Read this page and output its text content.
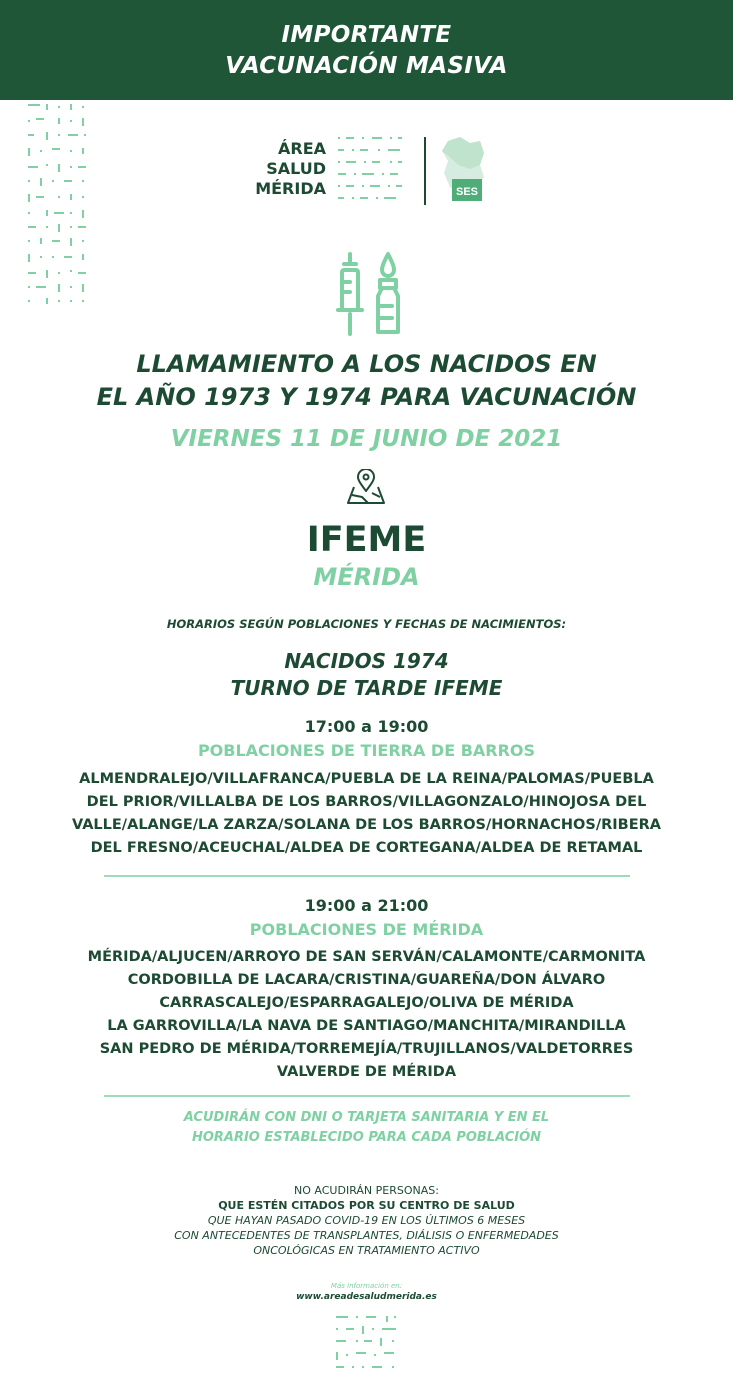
IMPORTANTE
VACUNACIÓN MASIVA
ÁREA
SALUD
MÉRIDA	SES
LLAMAMIENTO A LOS NACIDOS EN
EL AÑO 1973 Y 1974 PARA VACUNACIÓN
VIERNES 11 DE JUNIO DE 2021
IFEME
MÉRIDA
HORARIOS SEGÚN POBLACIONES Y FECHAS DE NACIMIENTOS:
NACIDOS 1974
TURNO DE TARDE IFEME
17:00 a 19:00
POBLACIONES DE TIERRA DE BARROS
ALMENDRALEJO/VILLAFRANCA/PUEBLA DE LA REINA/PALOMAS/PUEBLA
DEL PRIOR/VILLALBA DE LOS BARROS/VILLAGONZALO/HINOJOSA DEL
VALLE/ALANGE/LA ZARZA/SOLANA DE LOS BARROS/HORNACHOS/RIBERA
DEL FRESNO/ACEUCHAL/ALDEA DE CORTEGANA/ALDEA DE RETAMAL
19:00 a 21:00
POBLACIONES DE MÉRIDA
MÉRIDA/ALJUCEN/ARROYO DE SAN SERVÁN/CALAMONTE/CARMONITA
CORDOBILLA DE LACARA/CRISTINA/GUAREÑA/DON ÁLVARO
CARRASCALEJO/ESPARRAGALEJO/OLIVA DE MÉRIDA
LA GARROVILLA/LA NAVA DE SANTIAGO/MANCHITA/MIRANDILLA
SAN PEDRO DE MÉRIDA/TORREMEJÍA/TRUJILLANOS/VALDETORRES
VALVERDE DE MÉRIDA
ACUDIRÁN CON DNI O TARJETA SANITARIA Y EN EL
HORARIO ESTABLECIDO PARA CADA POBLACIÓN
NO ACUDIRÁN PERSONAS:
QUE ESTÉN CITADOS POR SU CENTRO DE SALUD
QUE HAYAN PASADO COVID-19 EN LOS ÚLTIMOS 6 MESES
CON ANTECEDENTES DE TRANSPLANTES, DIÁLISIS O ENFERMEDADES
ONCOLÓGICAS EN TRATAMIENTO ACTIVO
Más información en:
www.areadesaludmerida.es
